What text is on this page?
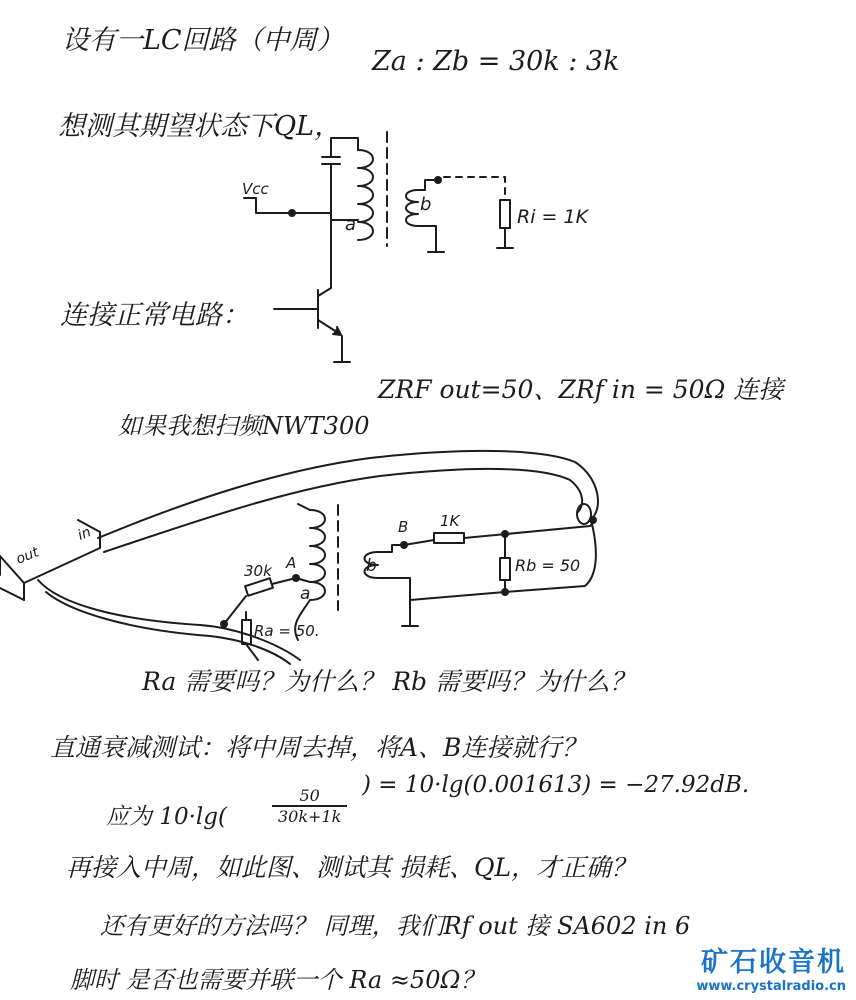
设有一LC回路（中周）
Za : Zb = 30k : 3k
想测其期望状态下QL，
Vcc
a
b
Ri = 1K
连接正常电路：
ZRF out=50、ZRf in = 50Ω 连接
如果我想扫频NWT300
out
in
30k A
a
Ra = 50.
B 1K
b	Rb = 50
Ra 需要吗？为什么？ Rb 需要吗？为什么？
直通衰减测试：将中周去掉，将A、B连接就行？
应为 10·lg(	$\frac{50}{30k+1k}$
) = 10·lg(0.001613) = −27.92dB.
再接入中周，如此图、测试其 损耗、QL，才正确？
还有更好的方法吗？ 同理，我们Rf out 接 SA602 in 6
脚时 是否也需要并联一个 Ra ≈50Ω？
矿石收音机
www.crystalradio.cn
